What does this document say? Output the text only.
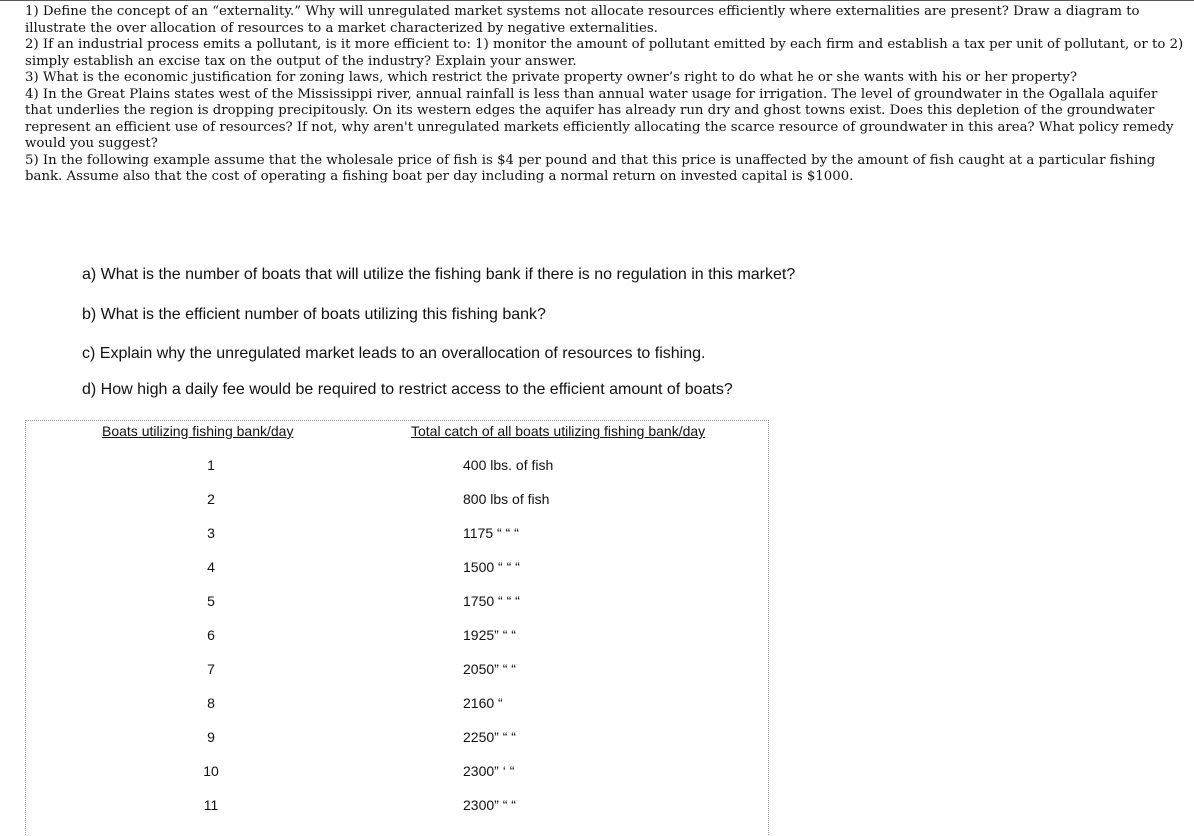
1) Define the concept of an “externality.” Why will unregulated market systems not allocate resources efficiently where externalities are present? Draw a diagram to illustrate the over allocation of resources to a market characterized by negative externalities.

2) If an industrial process emits a pollutant, is it more efficient to: 1) monitor the amount of pollutant emitted by each firm and establish a tax per unit of pollutant, or to 2) simply establish an excise tax on the output of the industry? Explain your answer.

3) What is the economic justification for zoning laws, which restrict the private property owner’s right to do what he or she wants with his or her property?

4) In the Great Plains states west of the Mississippi river, annual rainfall is less than annual water usage for irrigation. The level of groundwater in the Ogallala aquifer that underlies the region is dropping precipitously. On its western edges the aquifer has already run dry and ghost towns exist. Does this depletion of the groundwater represent an efficient use of resources? If not, why aren't unregulated markets efficiently allocating the scarce resource of groundwater in this area? What policy remedy would you suggest?

5) In the following example assume that the wholesale price of fish is $4 per pound and that this price is unaffected by the amount of fish caught at a particular fishing bank. Assume also that the cost of operating a fishing boat per day including a normal return on invested capital is $1000.

a) What is the number of boats that will utilize the fishing bank if there is no regulation in this market?
b) What is the efficient number of boats utilizing this fishing bank?
c) Explain why the unregulated market leads to an overallocation of resources to fishing.
d) How high a daily fee would be required to restrict access to the efficient amount of boats?
Boats utilizing fishing bank/day	Total catch of all boats utilizing fishing bank/day
1	400 lbs. of fish
2	800 lbs of fish
3	1175 “ “ “
4	1500 “ “ “
5	1750 “ “ “
6	1925” “ “
7	2050” “ “
8	2160 “
9	2250” “ “
10	2300” ‘ “
11	2300” “ “
